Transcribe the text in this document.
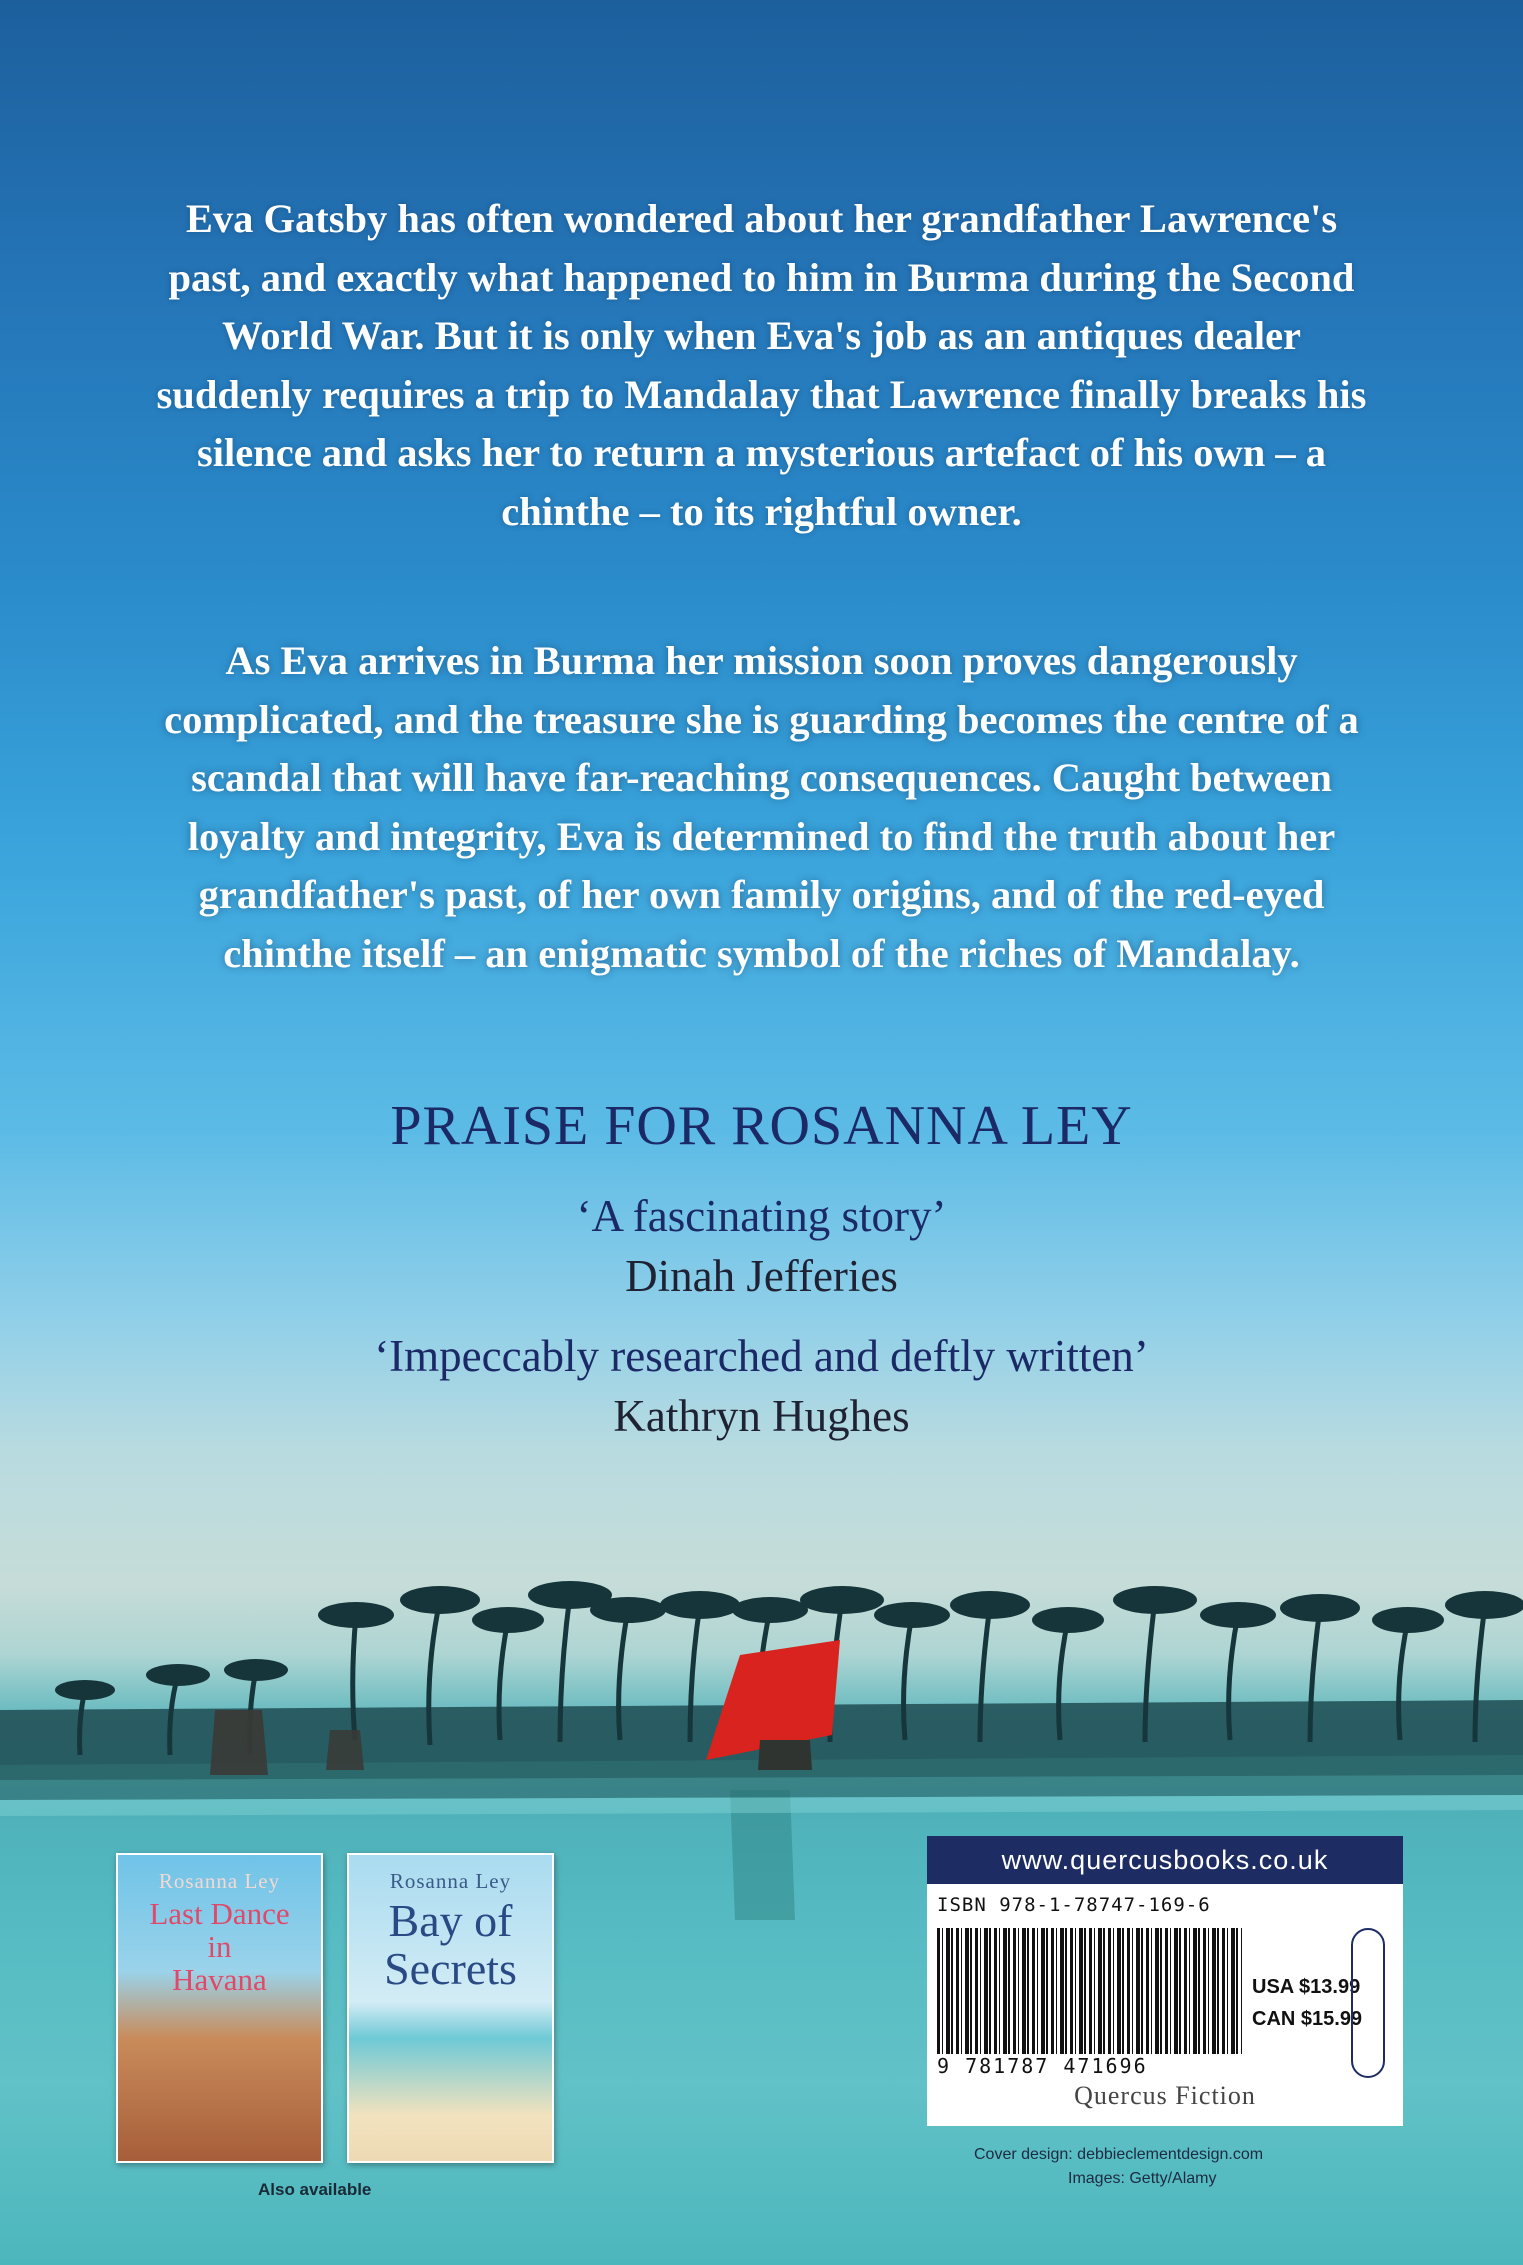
Eva Gatsby has often wondered about her grandfather Lawrence's past, and exactly what happened to him in Burma during the Second World War. But it is only when Eva's job as an antiques dealer suddenly requires a trip to Mandalay that Lawrence finally breaks his silence and asks her to return a mysterious artefact of his own – a chinthe – to its rightful owner.

As Eva arrives in Burma her mission soon proves dangerously complicated, and the treasure she is guarding becomes the centre of a scandal that will have far-reaching consequences. Caught between loyalty and integrity, Eva is determined to find the truth about her grandfather's past, of her own family origins, and of the red-eyed chinthe itself – an enigmatic symbol of the riches of Mandalay.

PRAISE FOR ROSANNA LEY
‘A fascinating story’
Dinah Jefferies
‘Impeccably researched and deftly written’
Kathryn Hughes
Rosanna Ley
Last Dance
in
Havana
Rosanna Ley
Bay of
Secrets
Also available
www.quercusbooks.co.uk
ISBN 978-1-78747-169-6
9 781787 471696
USA $13.99
CAN $15.99
Quercus Fiction
Cover design: debbieclementdesign.com
Images: Getty/Alamy
